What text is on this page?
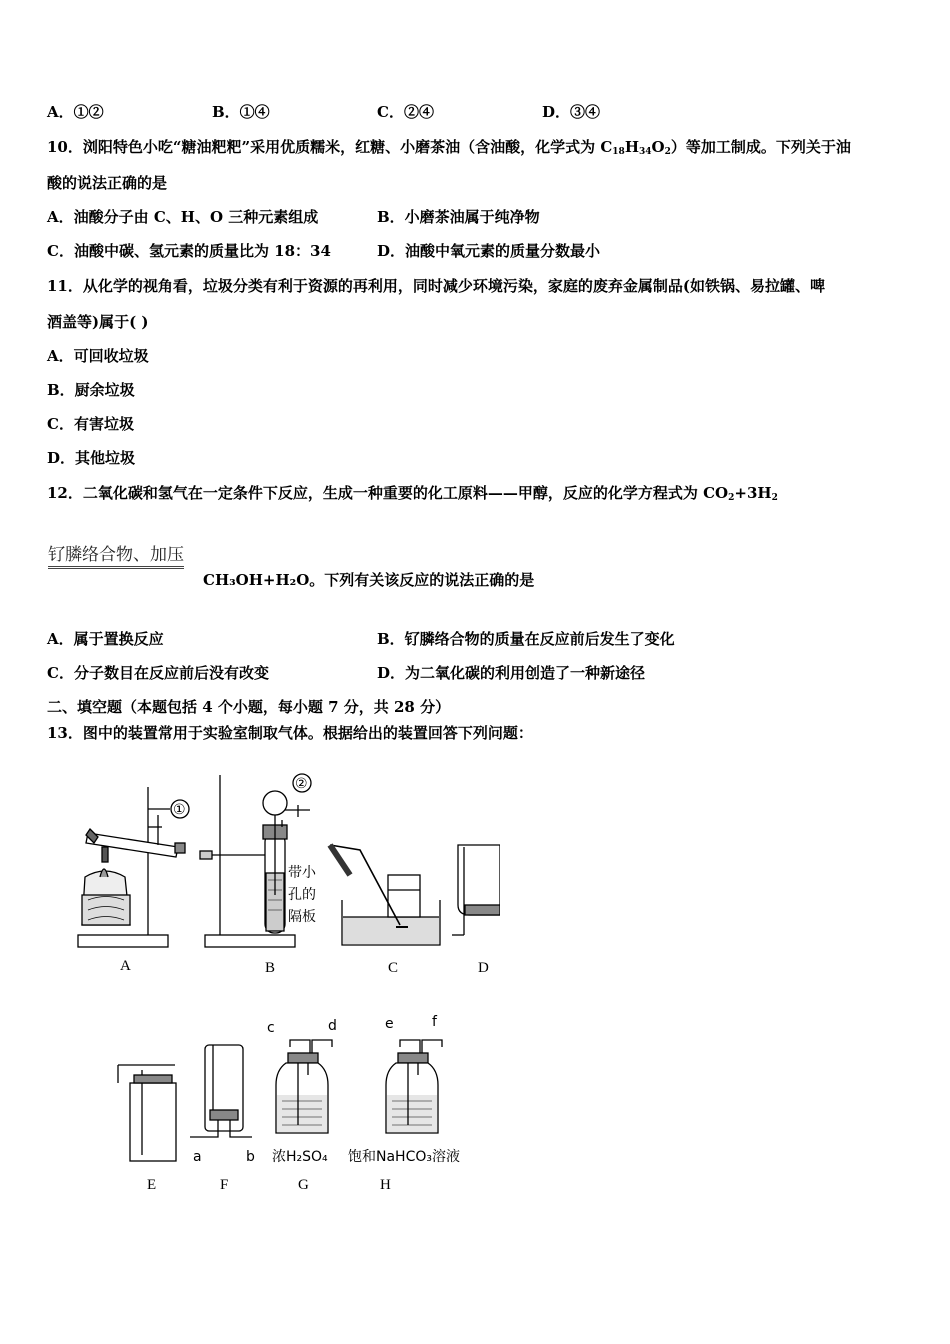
A．①②	B．①④	C．②④	D．③④
10．浏阳特色小吃“糖油粑粑”采用优质糯米，红糖、小磨茶油（含油酸，化学式为 $C_{18}H_{34}O_2$）等加工制成。下列关于油
酸的说法正确的是
A．油酸分子由 C、H、O 三种元素组成	B．小磨茶油属于纯净物
C．油酸中碳、氢元素的质量比为 18：34	D．油酸中氧元素的质量分数最小
11．从化学的视角看，垃圾分类有利于资源的再利用，同时减少环境污染，家庭的废弃金属制品(如铁锅、易拉罐、啤
酒盖等)属于( )
A．可回收垃圾
B．厨余垃圾
C．有害垃圾
D．其他垃圾
12．二氧化碳和氢气在一定条件下反应，生成一种重要的化工原料——甲醇，反应的化学方程式为 $CO_2+3H_2$
钌膦络合物、加压
CH₃OH+H₂O。下列有关该反应的说法正确的是
A．属于置换反应	B．钌膦络合物的质量在反应前后发生了变化
C．分子数目在反应前后没有改变	D．为二氧化碳的利用创造了一种新途径
二、填空题（本题包括 4 个小题，每小题 7 分，共 28 分）
13．图中的装置常用于实验室制取气体。根据给出的装置回答下列问题：
①
A
②
带小
孔的
隔板
B	C	D
E
a	b
F
c	d
浓H₂SO₄
G
e	f
饱和NaHCO₃溶液
H
